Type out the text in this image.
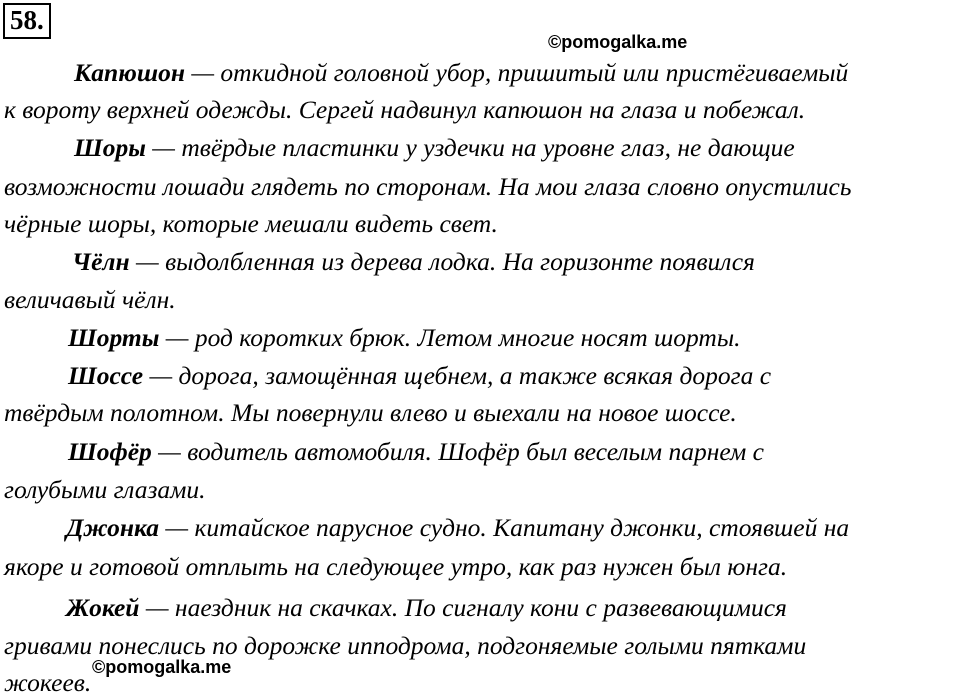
58.
©pomogalka.me
Капюшон — откидной головной убор, пришитый или пристёгиваемый
к вороту верхней одежды. Сергей надвинул капюшон на глаза и побежал.
Шоры — твёрдые пластинки у уздечки на уровне глаз, не дающие
возможности лошади глядеть по сторонам. На мои глаза словно опустились
чёрные шоры, которые мешали видеть свет.
Чёлн — выдолбленная из дерева лодка. На горизонте появился
величавый чёлн.
Шорты — род коротких брюк. Летом многие носят шорты.
Шоссе — дорога, замощённая щебнем, а также всякая дорога с
твёрдым полотном. Мы повернули влево и выехали на новое шоссе.
Шофёр — водитель автомобиля. Шофёр был веселым парнем с
голубыми глазами.
Джонка — китайское парусное судно. Капитану джонки, стоявшей на
якоре и готовой отплыть на следующее утро, как раз нужен был юнга.
Жокей — наездник на скачках. По сигналу кони с развевающимися
гривами понеслись по дорожке ипподрома, подгоняемые голыми пятками
жокеев.
©pomogalka.me
